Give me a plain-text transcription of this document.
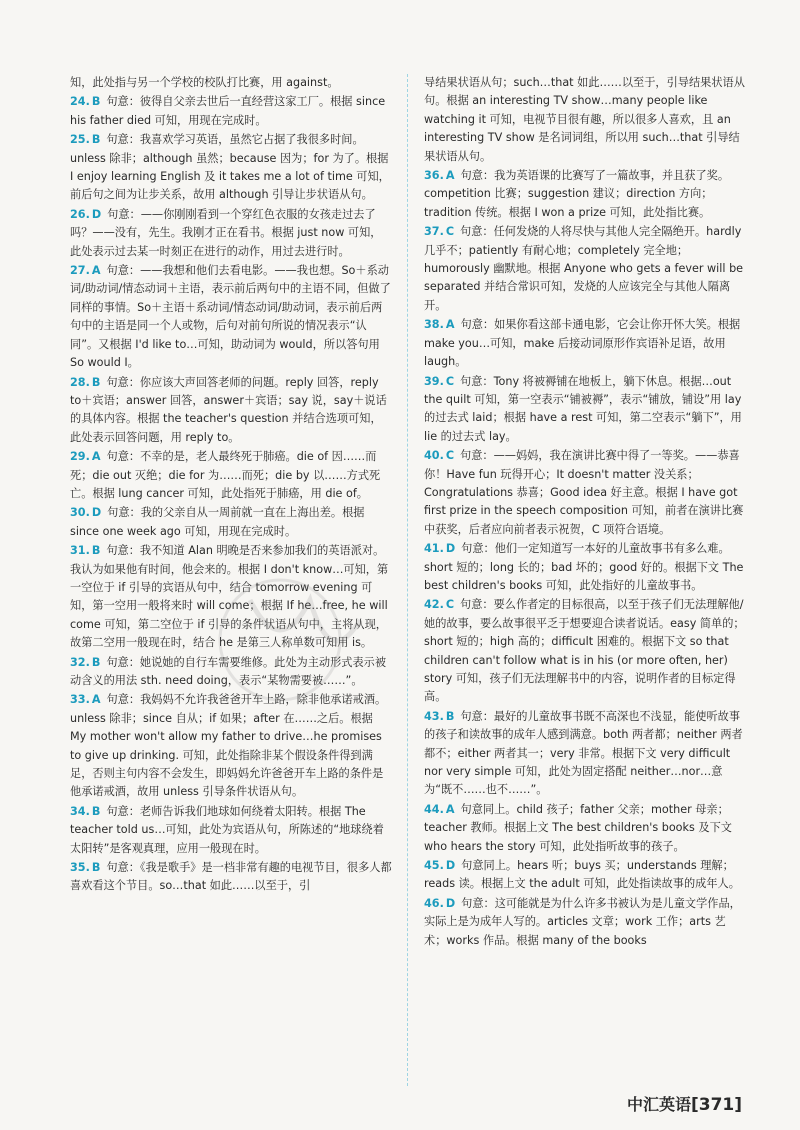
知，此处指与另一个学校的校队打比赛，用 against。
24. B 句意：彼得自父亲去世后一直经营这家工厂。根据 since his father died 可知，用现在完成时。
25. B 句意：我喜欢学习英语，虽然它占据了我很多时间。unless 除非；although 虽然；because 因为；for 为了。根据 I enjoy learning English 及 it takes me a lot of time 可知，前后句之间为让步关系，故用 although 引导让步状语从句。
26. D 句意：——你刚刚看到一个穿红色衣服的女孩走过去了吗？——没有，先生。我刚才正在看书。根据 just now 可知，此处表示过去某一时刻正在进行的动作，用过去进行时。
27. A 句意：——我想和他们去看电影。——我也想。So＋系动词/助动词/情态动词＋主语，表示前后两句中的主语不同，但做了同样的事情。So＋主语＋系动词/情态动词/助动词，表示前后两句中的主语是同一个人或物，后句对前句所说的情况表示“认同”。又根据 I'd like to…可知，助动词为 would，所以答句用 So would I。
28. B 句意：你应该大声回答老师的问题。reply 回答，reply to＋宾语；answer 回答，answer＋宾语；say 说，say＋说话的具体内容。根据 the teacher's question 并结合选项可知，此处表示回答问题，用 reply to。
29. A 句意：不幸的是，老人最终死于肺癌。die of 因……而死；die out 灭绝；die for 为……而死；die by 以……方式死亡。根据 lung cancer 可知，此处指死于肺癌，用 die of。
30. D 句意：我的父亲自从一周前就一直在上海出差。根据 since one week ago 可知，用现在完成时。
31. B 句意：我不知道 Alan 明晚是否来参加我们的英语派对。我认为如果他有时间，他会来的。根据 I don't know…可知，第一空位于 if 引导的宾语从句中，结合 tomorrow evening 可知，第一空用一般将来时 will come；根据 If he…free, he will come 可知，第二空位于 if 引导的条件状语从句中，主将从现，故第二空用一般现在时，结合 he 是第三人称单数可知用 is。
32. B 句意：她说她的自行车需要维修。此处为主动形式表示被动含义的用法 sth. need doing，表示“某物需要被……”。
33. A 句意：我妈妈不允许我爸爸开车上路，除非他承诺戒酒。unless 除非；since 自从；if 如果；after 在……之后。根据 My mother won't allow my father to drive…he promises to give up drinking. 可知，此处指除非某个假设条件得到满足，否则主句内容不会发生，即妈妈允许爸爸开车上路的条件是他承诺戒酒，故用 unless 引导条件状语从句。
34. B 句意：老师告诉我们地球如何绕着太阳转。根据 The teacher told us…可知，此处为宾语从句，所陈述的“地球绕着太阳转”是客观真理，应用一般现在时。
35. B 句意：《我是歌手》是一档非常有趣的电视节目，很多人都喜欢看这个节目。so…that 如此……以至于，引
导结果状语从句；such…that 如此……以至于，引导结果状语从句。根据 an interesting TV show…many people like watching it 可知，电视节目很有趣，所以很多人喜欢，且 an interesting TV show 是名词词组，所以用 such…that 引导结果状语从句。
36. A 句意：我为英语课的比赛写了一篇故事，并且获了奖。competition 比赛；suggestion 建议；direction 方向；tradition 传统。根据 I won a prize 可知，此处指比赛。
37. C 句意：任何发烧的人将尽快与其他人完全隔绝开。hardly 几乎不；patiently 有耐心地；completely 完全地；humorously 幽默地。根据 Anyone who gets a fever will be separated 并结合常识可知，发烧的人应该完全与其他人隔离开。
38. A 句意：如果你看这部卡通电影，它会让你开怀大笑。根据 make you…可知，make 后接动词原形作宾语补足语，故用 laugh。
39. C 句意：Tony 将被褥铺在地板上，躺下休息。根据…out the quilt 可知，第一空表示“铺被褥”，表示“铺放，铺设”用 lay 的过去式 laid；根据 have a rest 可知，第二空表示“躺下”，用 lie 的过去式 lay。
40. C 句意：——妈妈，我在演讲比赛中得了一等奖。——恭喜你！Have fun 玩得开心；It doesn't matter 没关系；Congratulations 恭喜；Good idea 好主意。根据 I have got first prize in the speech composition 可知，前者在演讲比赛中获奖，后者应向前者表示祝贺，C 项符合语境。
41. D 句意：他们一定知道写一本好的儿童故事书有多么难。short 短的；long 长的；bad 坏的；good 好的。根据下文 The best children's books 可知，此处指好的儿童故事书。
42. C 句意：要么作者定的目标很高，以至于孩子们无法理解他/她的故事，要么故事很平乏于想要迎合读者说话。easy 简单的；short 短的；high 高的；difficult 困难的。根据下文 so that children can't follow what is in his (or more often, her) story 可知，孩子们无法理解书中的内容，说明作者的目标定得高。
43. B 句意：最好的儿童故事书既不高深也不浅显，能使听故事的孩子和读故事的成年人感到满意。both 两者都；neither 两者都不；either 两者其一；very 非常。根据下文 very difficult nor very simple 可知，此处为固定搭配 neither…nor…意为“既不……也不……”。
44. A 句意同上。child 孩子；father 父亲；mother 母亲；teacher 教师。根据上文 The best children's books 及下文 who hears the story 可知，此处指听故事的孩子。
45. D 句意同上。hears 听；buys 买；understands 理解；reads 读。根据上文 the adult 可知，此处指读故事的成年人。
46. D 句意：这可能就是为什么许多书被认为是儿童文学作品，实际上是为成年人写的。articles 文章；work 工作；arts 艺术；works 作品。根据 many of the books
中汇英语[371]
